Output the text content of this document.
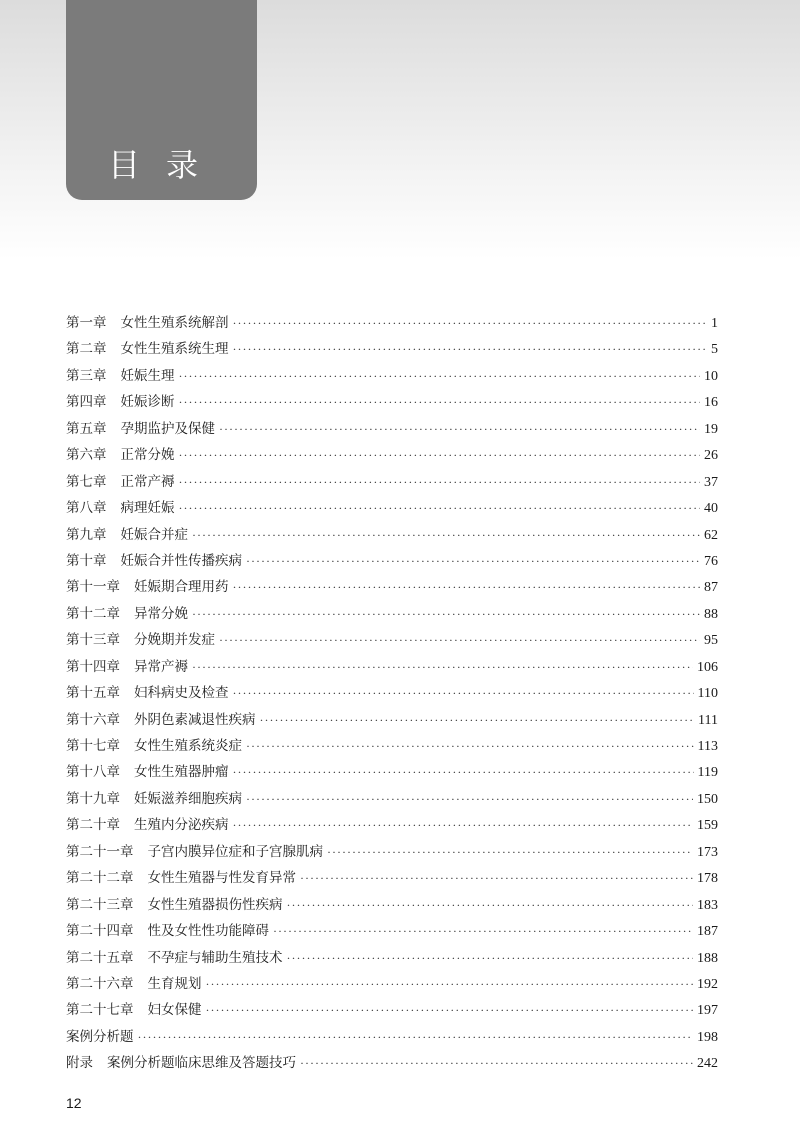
目录
第一章 女性生殖系统解剖 ·····	1
第二章 女性生殖系统生理 ·····	5
第三章 妊娠生理 ·····	10
第四章 妊娠诊断 ·····	16
第五章 孕期监护及保健 ·····	19
第六章 正常分娩 ·····	26
第七章 正常产褥 ·····	37
第八章 病理妊娠 ·····	40
第九章 妊娠合并症 ·····	62
第十章 妊娠合并性传播疾病 ·····	76
第十一章 妊娠期合理用药 ·····	87
第十二章 异常分娩 ·····	88
第十三章 分娩期并发症 ·····	95
第十四章 异常产褥 ·····	106
第十五章 妇科病史及检查 ·····	110
第十六章 外阴色素减退性疾病 ·····	111
第十七章 女性生殖系统炎症 ·····	113
第十八章 女性生殖器肿瘤 ·····	119
第十九章 妊娠滋养细胞疾病 ·····	150
第二十章 生殖内分泌疾病 ·····	159
第二十一章 子宫内膜异位症和子宫腺肌病 ·····	173
第二十二章 女性生殖器与性发育异常 ·····	178
第二十三章 女性生殖器损伤性疾病 ·····	183
第二十四章 性及女性性功能障碍 ·····	187
第二十五章 不孕症与辅助生殖技术 ·····	188
第二十六章 生育规划 ·····	192
第二十七章 妇女保健 ·····	197
案例分析题 ·····	198
附录 案例分析题临床思维及答题技巧 ·····	242
12
